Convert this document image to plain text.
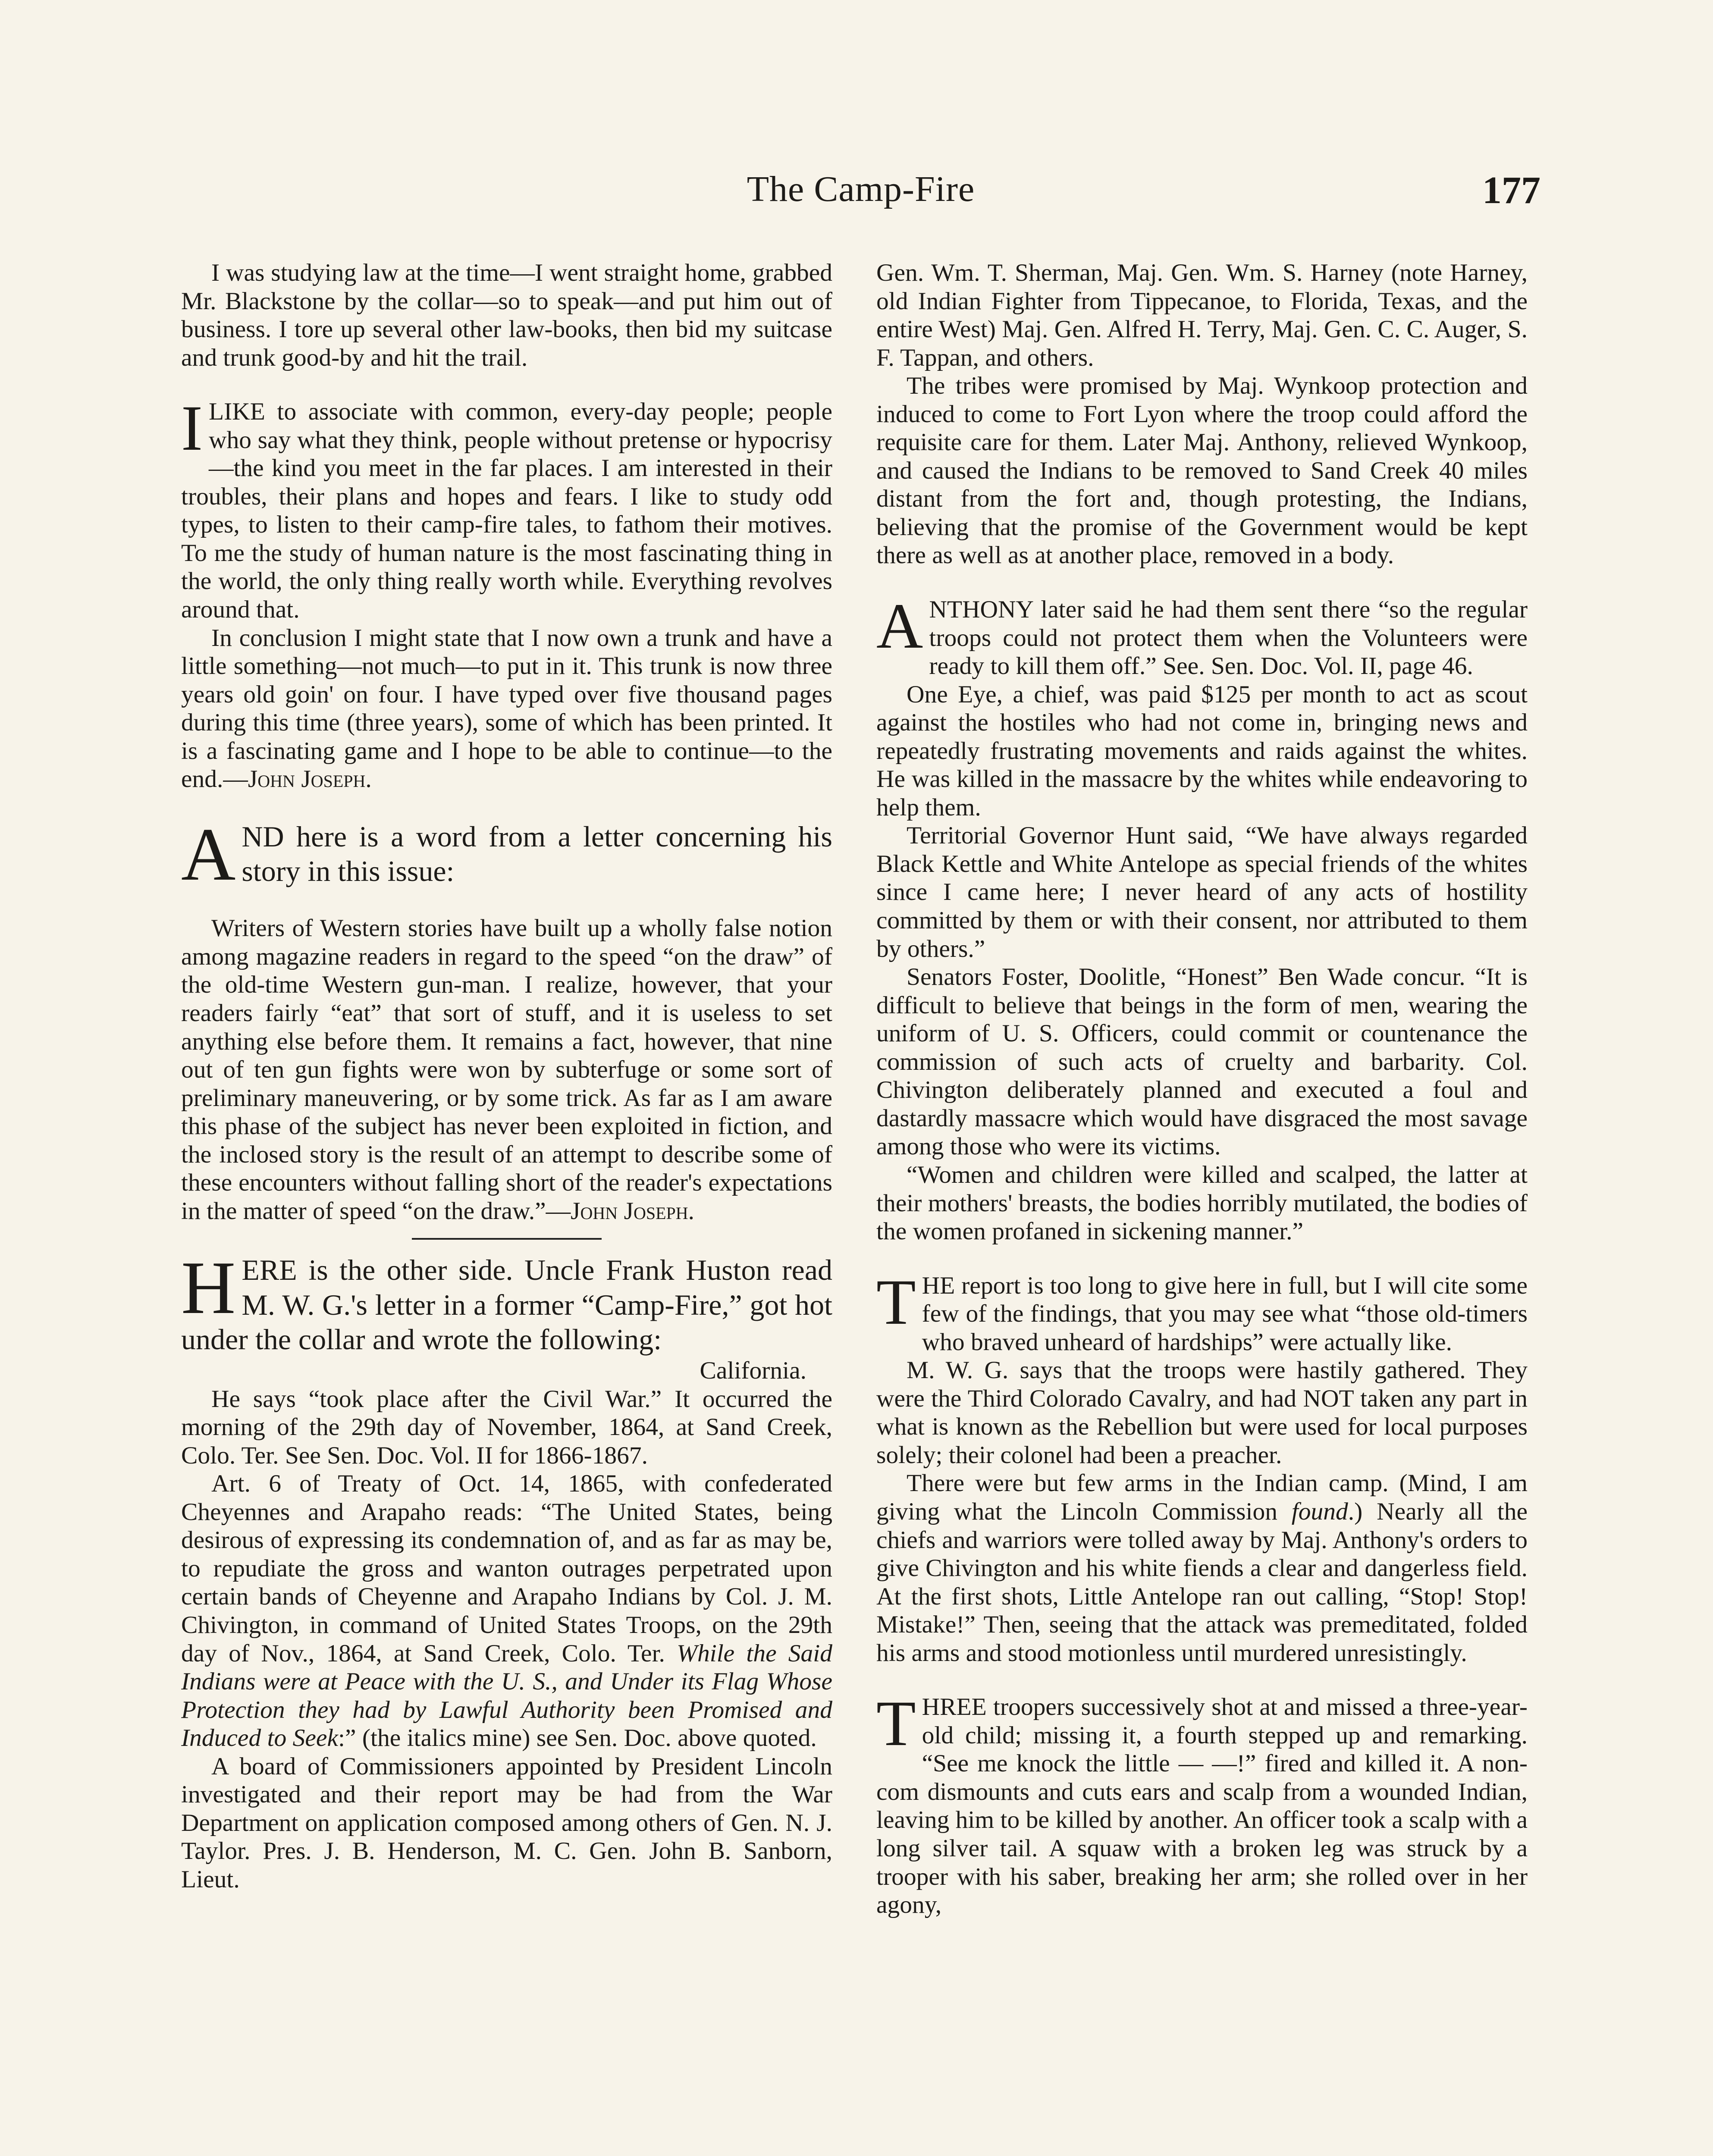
The Camp-Fire	177

I was studying law at the time—I went straight home, grabbed Mr. Blackstone by the collar—so to speak—and put him out of business. I tore up several other law-books, then bid my suitcase and trunk good-by and hit the trail.

I LIKE to associate with common, every-day people; people who say what they think, people without pretense or hypocrisy—the kind you meet in the far places. I am interested in their troubles, their plans and hopes and fears. I like to study odd types, to listen to their camp-fire tales, to fathom their motives. To me the study of human nature is the most fascinating thing in the world, the only thing really worth while. Everything revolves around that.

In conclusion I might state that I now own a trunk and have a little something—not much—to put in it. This trunk is now three years old goin' on four. I have typed over five thousand pages during this time (three years), some of which has been printed. It is a fascinating game and I hope to be able to continue—to the end.—John Joseph.

AND here is a word from a letter concerning his story in this issue:

Writers of Western stories have built up a wholly false notion among magazine readers in regard to the speed “on the draw” of the old-time Western gun-man. I realize, however, that your readers fairly “eat” that sort of stuff, and it is useless to set anything else before them. It remains a fact, however, that nine out of ten gun fights were won by subterfuge or some sort of preliminary maneuvering, or by some trick. As far as I am aware this phase of the subject has never been exploited in fiction, and the inclosed story is the result of an attempt to describe some of these encounters without falling short of the reader's expectations in the matter of speed “on the draw.”—John Joseph.

HERE is the other side. Uncle Frank Huston read M. W. G.'s letter in a former “Camp-Fire,” got hot under the collar and wrote the following:

California.

He says “took place after the Civil War.” It occurred the morning of the 29th day of November, 1864, at Sand Creek, Colo. Ter. See Sen. Doc. Vol. II for 1866-1867.

Art. 6 of Treaty of Oct. 14, 1865, with confederated Cheyennes and Arapaho reads: “The United States, being desirous of expressing its condemnation of, and as far as may be, to repudiate the gross and wanton outrages perpetrated upon certain bands of Cheyenne and Arapaho Indians by Col. J. M. Chivington, in command of United States Troops, on the 29th day of Nov., 1864, at Sand Creek, Colo. Ter. While the Said Indians were at Peace with the U. S., and Under its Flag Whose Protection they had by Lawful Authority been Promised and Induced to Seek:” (the italics mine) see Sen. Doc. above quoted.

A board of Commissioners appointed by President Lincoln investigated and their report may be had from the War Department on application composed among others of Gen. N. J. Taylor. Pres. J. B. Henderson, M. C. Gen. John B. Sanborn, Lieut.

Gen. Wm. T. Sherman, Maj. Gen. Wm. S. Harney (note Harney, old Indian Fighter from Tippecanoe, to Florida, Texas, and the entire West) Maj. Gen. Alfred H. Terry, Maj. Gen. C. C. Auger, S. F. Tappan, and others.

The tribes were promised by Maj. Wynkoop protection and induced to come to Fort Lyon where the troop could afford the requisite care for them. Later Maj. Anthony, relieved Wynkoop, and caused the Indians to be removed to Sand Creek 40 miles distant from the fort and, though protesting, the Indians, believing that the promise of the Government would be kept there as well as at another place, removed in a body.

ANTHONY later said he had them sent there “so the regular troops could not protect them when the Volunteers were ready to kill them off.” See. Sen. Doc. Vol. II, page 46.

One Eye, a chief, was paid $125 per month to act as scout against the hostiles who had not come in, bringing news and repeatedly frustrating movements and raids against the whites. He was killed in the massacre by the whites while endeavoring to help them.

Territorial Governor Hunt said, “We have always regarded Black Kettle and White Antelope as special friends of the whites since I came here; I never heard of any acts of hostility committed by them or with their consent, nor attributed to them by others.”

Senators Foster, Doolitle, “Honest” Ben Wade concur. “It is difficult to believe that beings in the form of men, wearing the uniform of U. S. Officers, could commit or countenance the commission of such acts of cruelty and barbarity. Col. Chivington deliberately planned and executed a foul and dastardly massacre which would have disgraced the most savage among those who were its victims.

“Women and children were killed and scalped, the latter at their mothers' breasts, the bodies horribly mutilated, the bodies of the women profaned in sickening manner.”

THE report is too long to give here in full, but I will cite some few of the findings, that you may see what “those old-timers who braved unheard of hardships” were actually like.

M. W. G. says that the troops were hastily gathered. They were the Third Colorado Cavalry, and had NOT taken any part in what is known as the Rebellion but were used for local purposes solely; their colonel had been a preacher.

There were but few arms in the Indian camp. (Mind, I am giving what the Lincoln Commission found.) Nearly all the chiefs and warriors were tolled away by Maj. Anthony's orders to give Chivington and his white fiends a clear and dangerless field. At the first shots, Little Antelope ran out calling, “Stop! Stop! Mistake!” Then, seeing that the attack was premeditated, folded his arms and stood motionless until murdered unresistingly.

THREE troopers successively shot at and missed a three-year-old child; missing it, a fourth stepped up and remarking. “See me knock the little — —!” fired and killed it. A non-com dismounts and cuts ears and scalp from a wounded Indian, leaving him to be killed by another. An officer took a scalp with a long silver tail. A squaw with a broken leg was struck by a trooper with his saber, breaking her arm; she rolled over in her agony,
